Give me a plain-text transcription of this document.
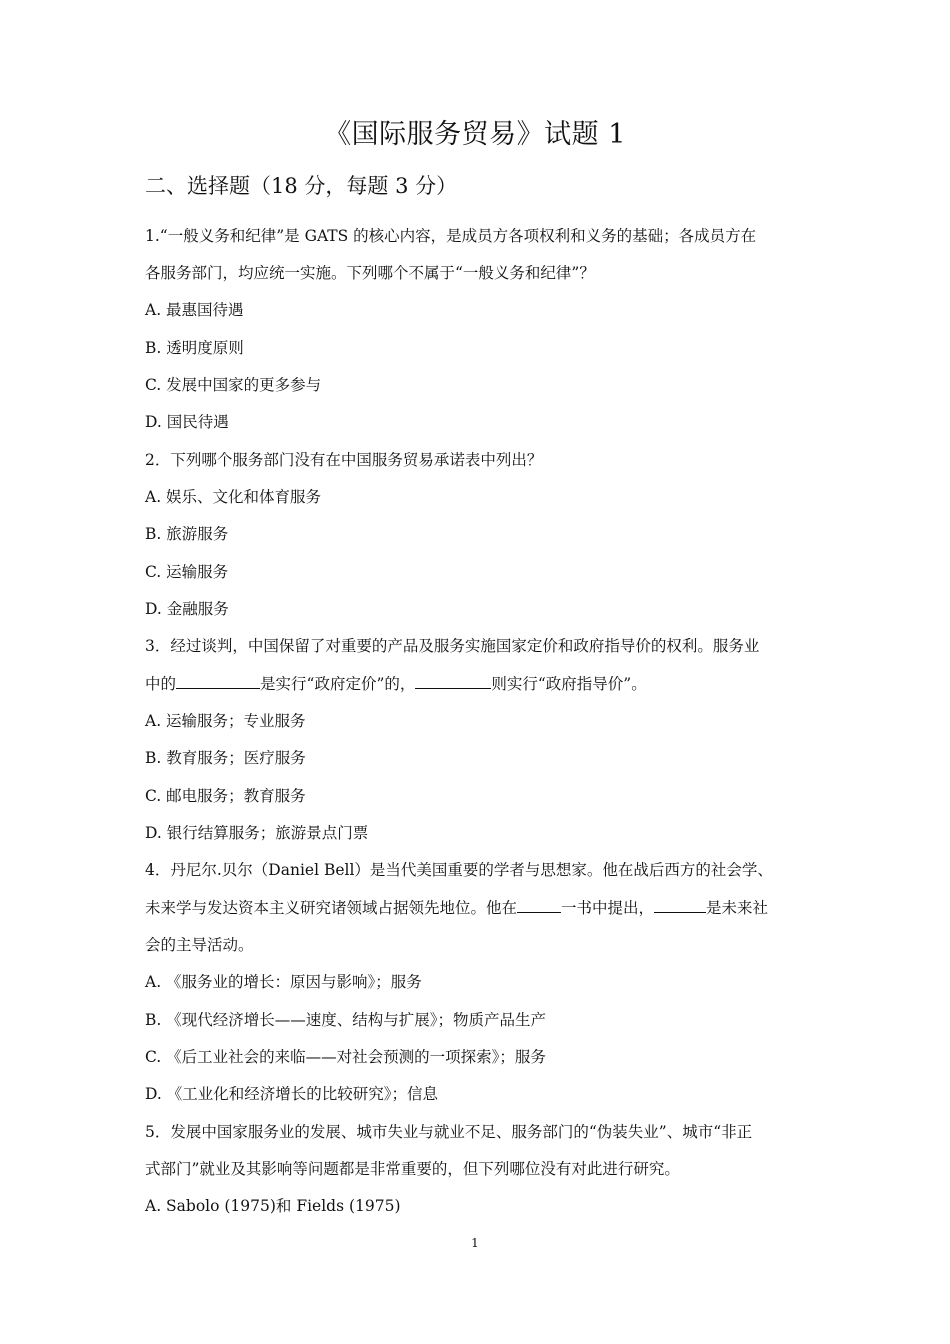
《国际服务贸易》试题 1
二、选择题（18 分，每题 3 分）
1.“一般义务和纪律”是 GATS 的核心内容，是成员方各项权利和义务的基础；各成员方在
各服务部门，均应统一实施。下列哪个不属于“一般义务和纪律”？
A. 最惠国待遇
B. 透明度原则
C. 发展中国家的更多参与
D. 国民待遇
2．下列哪个服务部门没有在中国服务贸易承诺表中列出？
A. 娱乐、文化和体育服务
B. 旅游服务
C. 运输服务
D. 金融服务
3．经过谈判，中国保留了对重要的产品及服务实施国家定价和政府指导价的权利。服务业
中的	是实行“政府定价”的，	则实行“政府指导价”。
A. 运输服务；专业服务
B. 教育服务；医疗服务
C. 邮电服务；教育服务
D. 银行结算服务；旅游景点门票
4．丹尼尔.贝尔（Daniel Bell）是当代美国重要的学者与思想家。他在战后西方的社会学、
未来学与发达资本主义研究诸领域占据领先地位。他在	一书中提出，	是未来社
会的主导活动。
A. 《服务业的增长：原因与影响》；服务
B. 《现代经济增长——速度、结构与扩展》；物质产品生产
C. 《后工业社会的来临——对社会预测的一项探索》；服务
D. 《工业化和经济增长的比较研究》；信息
5．发展中国家服务业的发展、城市失业与就业不足、服务部门的“伪装失业”、城市“非正
式部门”就业及其影响等问题都是非常重要的，但下列哪位没有对此进行研究。
A. Sabolo (1975)和 Fields (1975)
1
